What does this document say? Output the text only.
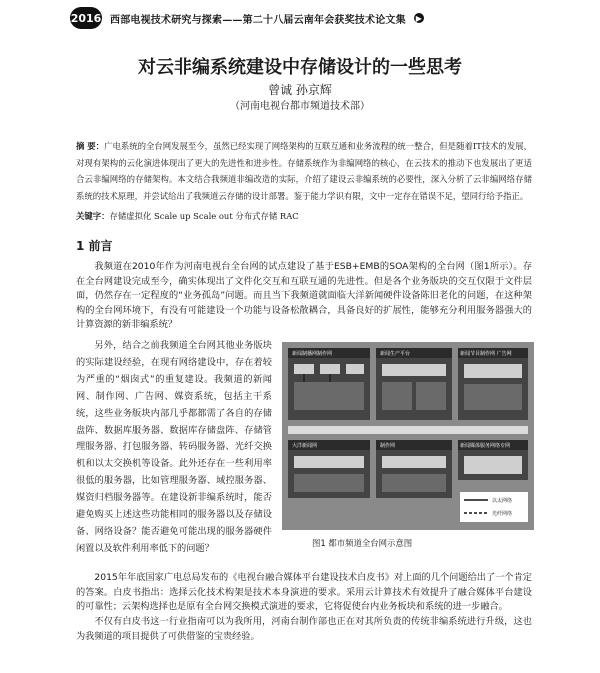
2016 西部电视技术研究与探索——第二十八届云南年会获奖技术论文集 ▶
对云非编系统建设中存储设计的一些思考
曾诚 孙京辉
（河南电视台都市频道技术部）
摘 要：广电系统的全台网发展至今，虽然已经实现了网络架构的互联互通和业务流程的统一整合，但是随着IT技术的发展，对现有架构的云化演进体现出了更大的先进性和进步性。存储系统作为非编网络的核心，在云技术的推动下也发展出了更适合云非编网络的存储架构。本文结合我频道非编改造的实际，介绍了建设云非编系统的必要性，深入分析了云非编网络存储系统的技术原理，并尝试给出了我频道云存储的设计部署。鉴于能力学识有限，文中一定存在错误不足，望同行给予指正。
关键字：存储虚拟化 Scale up Scale out 分布式存储 RAC
1 前言
我频道在2010年作为河南电视台全台网的试点建设了基于ESB+EMB的SOA架构的全台网（图1所示）。存在全台网建设完成至今，确实体现出了文件化交互和互联互通的先进性。但是各个业务版块的交互仅限于文件层面，仍然存在一定程度的“业务孤岛”问题。而且当下我频道就面临大洋新闻硬件设备陈旧老化的问题，在这种架构的全台网环境下，有没有可能建设一个功能与设备松散耦合，具备良好的扩展性，能够充分利用服务器强大的计算资源的新非编系统？
另外，结合之前我频道全台网其他业务版块的实际建设经验，在现有网络建设中，存在着较为严重的“烟囱式”的重复建设。我频道的新闻网、制作网、广告网、媒资系统，包括主干系统，这些业务版块内部几乎都都需了各自的存储盘阵、数据库服务器、数据库存储盘阵、存储管理服务器、打包服务器、转码服务器、光纤交换机和以太交换机等设备。此外还存在一些利用率很低的服务器，比如管理服务器、域控服务器、媒资归档服务器等。在建设新非编系统时，能否避免购买上述这些功能相同的服务器以及存储设备、网络设备？能否避免可能出现的服务器硬件闲置以及软件利用率低下的问题？
新闻制播网制作网	新闻生产平台	新闻节目制作网 广告网
大洋新闻网	制作网	新闻媒体服务网络专网
以太网络
光纤网络
图1 都市频道全台网示意图
2015年年底国家广电总局发布的《电视台融合媒体平台建设技术白皮书》对上面的几个问题给出了一个肯定的答案。白皮书指出：选择云化技术构架是技术本身演进的要求。采用云计算技术有效提升了融合媒体平台建设的可靠性；云架构选择也是原有全台网交换模式演进的要求，它将促使台内业务板块和系统的进一步融合。
不仅有白皮书这一行业指南可以为我所用，河南台制作部也正在对其所负责的传统非编系统进行升级，这也为我频道的项目提供了可供借鉴的宝贵经验。
